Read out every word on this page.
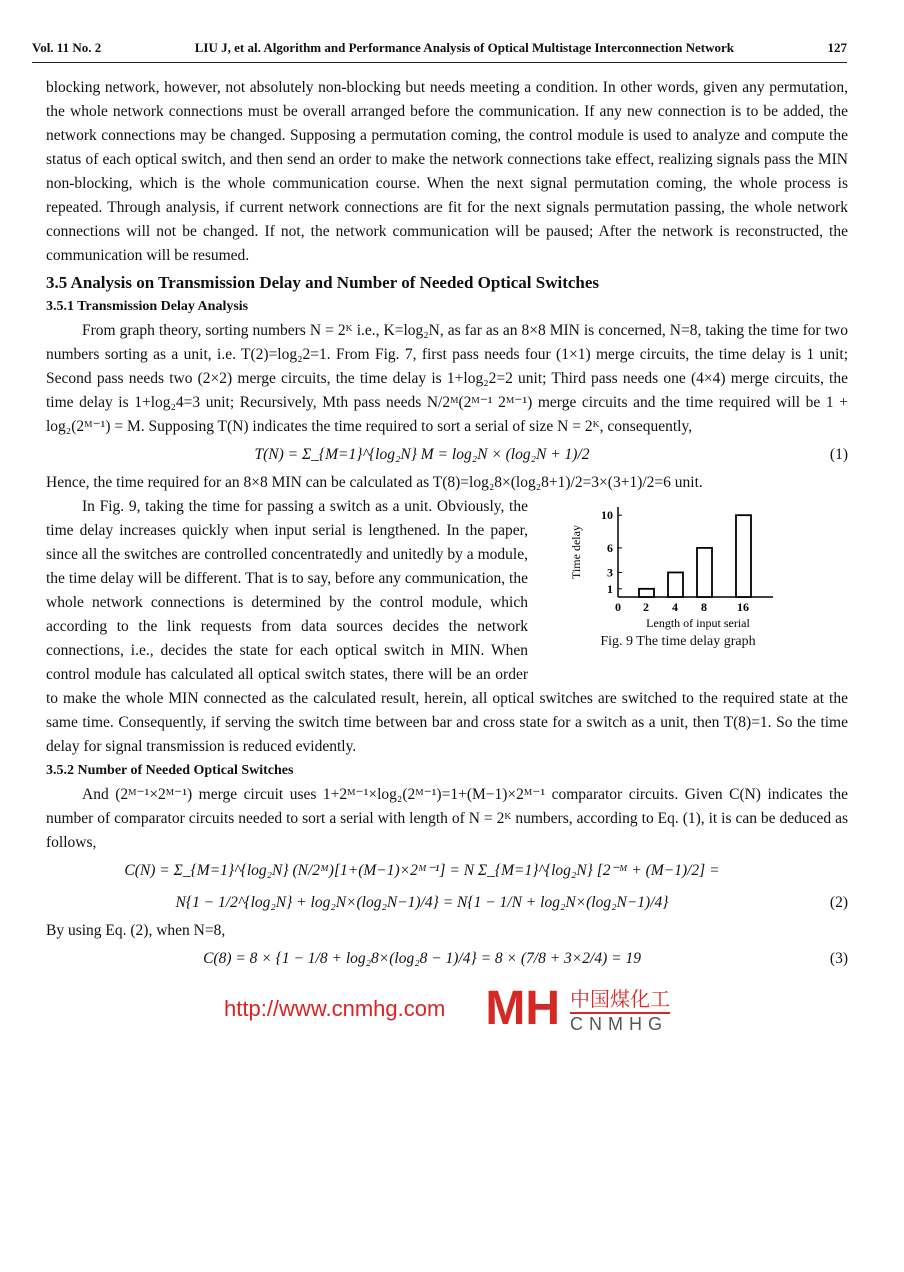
Vol. 11 No. 2	LIU J, et al. Algorithm and Performance Analysis of Optical Multistage Interconnection Network	127

blocking network, however, not absolutely non-blocking but needs meeting a condition. In other words, given any permutation, the whole network connections must be overall arranged before the communication. If any new connection is to be added, the network connections may be changed. Supposing a permutation coming, the control module is used to analyze and compute the status of each optical switch, and then send an order to make the network connections take effect, realizing signals pass the MIN non-blocking, which is the whole communication course. When the next signal permutation coming, the whole process is repeated. Through analysis, if current network connections are fit for the next signals permutation passing, the whole network connections will not be changed. If not, the network communication will be paused; After the network is reconstructed, the communication will be resumed.

3.5 Analysis on Transmission Delay and Number of Needed Optical Switches
3.5.1 Transmission Delay Analysis

From graph theory, sorting numbers N = 2ᴷ i.e., K=log₂N, as far as an 8×8 MIN is concerned, N=8, taking the time for two numbers sorting as a unit, i.e. T(2)=log₂2=1. From Fig. 7, first pass needs four (1×1) merge circuits, the time delay is 1 unit; Second pass needs two (2×2) merge circuits, the time delay is 1+log₂2=2 unit; Third pass needs one (4×4) merge circuits, the time delay is 1+log₂4=3 unit; Recursively, Mth pass needs N/2ᴹ(2ᴹ⁻¹ 2ᴹ⁻¹) merge circuits and the time required will be 1 + log₂(2ᴹ⁻¹) = M. Supposing T(N) indicates the time required to sort a serial of size N = 2ᴷ, consequently,

T(N) = Σ_{M=1}^{log₂N} M = log₂N × (log₂N + 1)/2	(1)

Hence, the time required for an 8×8 MIN can be calculated as T(8)=log₂8×(log₂8+1)/2=3×(3+1)/2=6 unit.

1
3
6
10
0 2 4 8	16
Length of input serial
Time delay
Fig. 9 The time delay graph

In Fig. 9, taking the time for passing a switch as a unit. Obviously, the time delay increases quickly when input serial is lengthened. In the paper, since all the switches are controlled concentratedly and unitedly by a module, the time delay will be different. That is to say, before any communication, the whole network connections is determined by the control module, which according to the link requests from data sources decides the network connections, i.e., decides the state for each optical switch in MIN. When control module has calculated all optical switch states, there will be an order to make the whole MIN connected as the calculated result, herein, all optical switches are switched to the required state at the same time. Consequently, if serving the switch time between bar and cross state for a switch as a unit, then T(8)=1. So the time delay for signal transmission is reduced evidently.

3.5.2 Number of Needed Optical Switches

And (2ᴹ⁻¹×2ᴹ⁻¹) merge circuit uses 1+2ᴹ⁻¹×log₂(2ᴹ⁻¹)=1+(M−1)×2ᴹ⁻¹ comparator circuits. Given C(N) indicates the number of comparator circuits needed to sort a serial with length of N = 2ᴷ numbers, according to Eq. (1), it is can be deduced as follows,

C(N) = Σ_{M=1}^{log₂N} (N/2ᴹ)[1+(M−1)×2ᴹ⁻¹] = N Σ_{M=1}^{log₂N} [2⁻ᴹ + (M−1)/2] =
N{1 − 1/2^{log₂N} + log₂N×(log₂N−1)/4} = N{1 − 1/N + log₂N×(log₂N−1)/4}	(2)

By using Eq. (2), when N=8,

C(8) = 8 × {1 − 1/8 + log₂8×(log₂8 − 1)/4} = 8 × (7/8 + 3×2/4) = 19	(3)
http://www.cnmhg.com MH 中国煤化工
CNMHG
